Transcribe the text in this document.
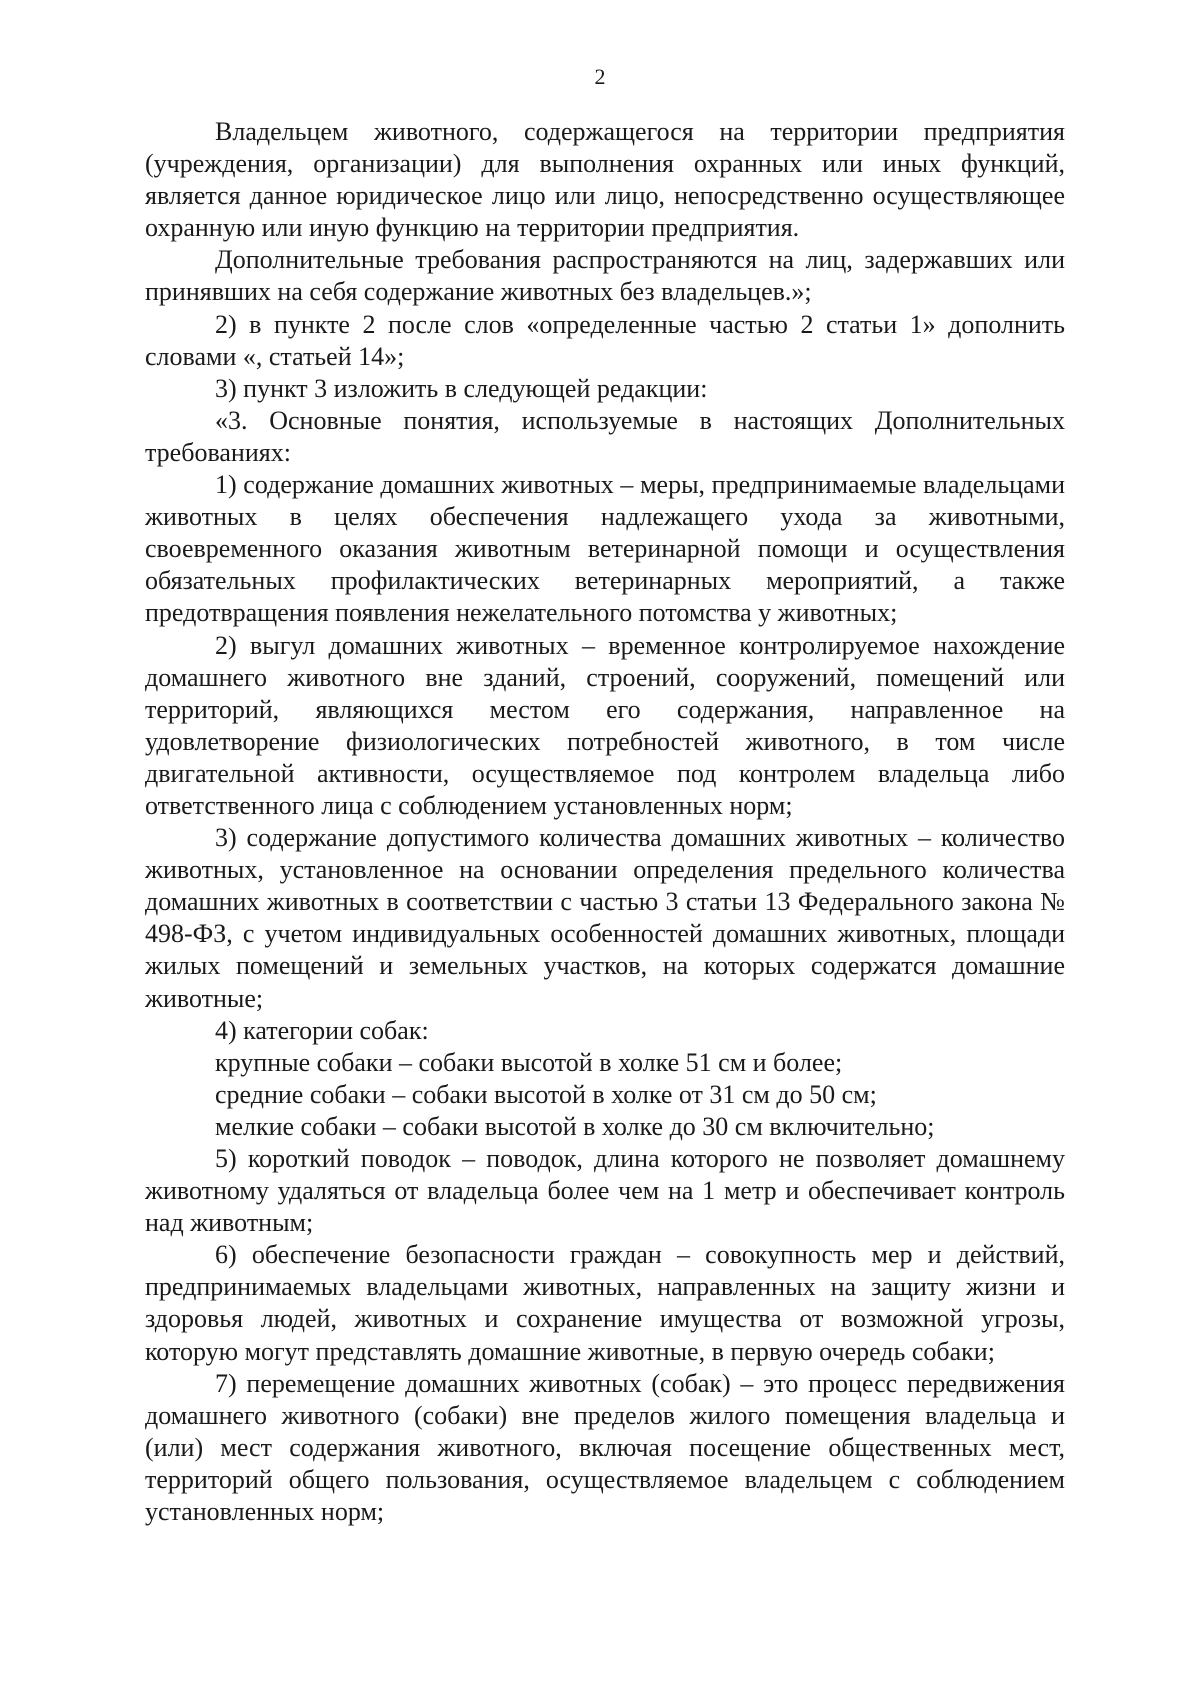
2

Владельцем животного, содержащегося на территории предприятия (учреждения, организации) для выполнения охранных или иных функций, является данное юридическое лицо или лицо, непосредственно осуществляющее охранную или иную функцию на территории предприятия.

Дополнительные требования распространяются на лиц, задержавших или принявших на себя содержание животных без владельцев.»;

2) в пункте 2 после слов «определенные частью 2 статьи 1» дополнить словами «, статьей 14»;

3) пункт 3 изложить в следующей редакции:

«3. Основные понятия, используемые в настоящих Дополнительных требованиях:

1) содержание домашних животных – меры, предпринимаемые владельцами животных в целях обеспечения надлежащего ухода за животными, своевременного оказания животным ветеринарной помощи и осуществления обязательных профилактических ветеринарных мероприятий, а также предотвращения появления нежелательного потомства у животных;

2) выгул домашних животных – временное контролируемое нахождение домашнего животного вне зданий, строений, сооружений, помещений или территорий, являющихся местом его содержания, направленное на удовлетворение физиологических потребностей животного, в том числе двигательной активности, осуществляемое под контролем владельца либо ответственного лица с соблюдением установленных норм;

3) содержание допустимого количества домашних животных – количество животных, установленное на основании определения предельного количества домашних животных в соответствии с частью 3 статьи 13 Федерального закона № 498-ФЗ, с учетом индивидуальных особенностей домашних животных, площади жилых помещений и земельных участков, на которых содержатся домашние животные;

4) категории собак:

крупные собаки – собаки высотой в холке 51 см и более;

средние собаки – собаки высотой в холке от 31 см до 50 см;

мелкие собаки – собаки высотой в холке до 30 см включительно;

5) короткий поводок – поводок, длина которого не позволяет домашнему животному удаляться от владельца более чем на 1 метр и обеспечивает контроль над животным;

6) обеспечение безопасности граждан – совокупность мер и действий, предпринимаемых владельцами животных, направленных на защиту жизни и здоровья людей, животных и сохранение имущества от возможной угрозы, которую могут представлять домашние животные, в первую очередь собаки;

7) перемещение домашних животных (собак) – это процесс передвижения домашнего животного (собаки) вне пределов жилого помещения владельца и (или) мест содержания животного, включая посещение общественных мест, территорий общего пользования, осуществляемое владельцем с соблюдением установленных норм;
